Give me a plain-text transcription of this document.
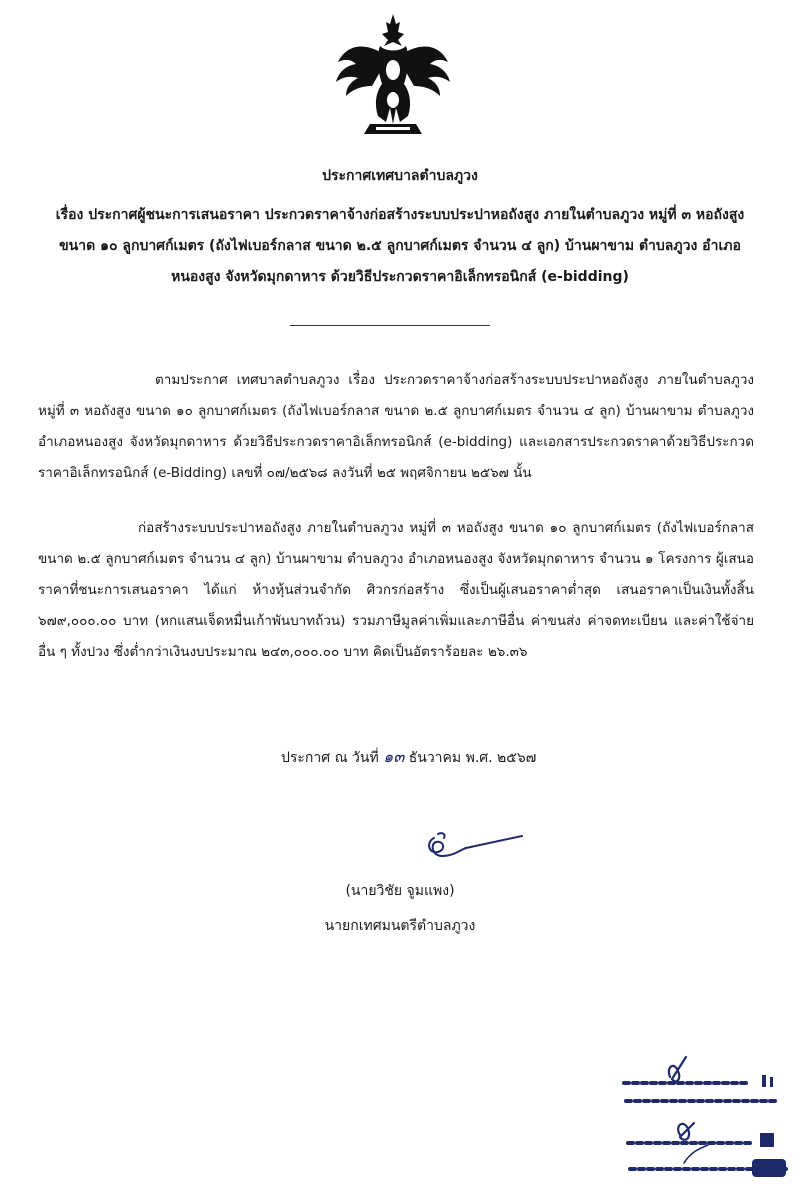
ประกาศเทศบาลตำบลภูวง
เรื่อง ประกาศผู้ชนะการเสนอราคา ประกวดราคาจ้างก่อสร้างระบบประปาหอถังสูง ภายในตำบลภูวง หมู่ที่ ๓ หอถังสูง ขนาด ๑๐ ลูกบาศก์เมตร (ถังไฟเบอร์กลาส ขนาด ๒.๕ ลูกบาศก์เมตร จำนวน ๔ ลูก) บ้านผาขาม ตำบลภูวง อำเภอหนองสูง จังหวัดมุกดาหาร ด้วยวิธีประกวดราคาอิเล็กทรอนิกส์ (e-bidding)
ตามประกาศ เทศบาลตำบลภูวง เรื่อง ประกวดราคาจ้างก่อสร้างระบบประปาหอถังสูง ภายในตำบลภูวง หมู่ที่ ๓ หอถังสูง ขนาด ๑๐ ลูกบาศก์เมตร (ถังไฟเบอร์กลาส ขนาด ๒.๕ ลูกบาศก์เมตร จำนวน ๔ ลูก) บ้านผาขาม ตำบลภูวง อำเภอหนองสูง จังหวัดมุกดาหาร ด้วยวิธีประกวดราคาอิเล็กทรอนิกส์ (e-bidding) และเอกสารประกวดราคาด้วยวิธีประกวดราคาอิเล็กทรอนิกส์ (e-Bidding) เลขที่ ๐๗/๒๕๖๘ ลงวันที่ ๒๕ พฤศจิกายน ๒๕๖๗ นั้น
ก่อสร้างระบบประปาหอถังสูง ภายในตำบลภูวง หมู่ที่ ๓ หอถังสูง ขนาด ๑๐ ลูกบาศก์เมตร (ถังไฟเบอร์กลาส ขนาด ๒.๕ ลูกบาศก์เมตร จำนวน ๔ ลูก) บ้านผาขาม ตำบลภูวง อำเภอหนองสูง จังหวัดมุกดาหาร จำนวน ๑ โครงการ ผู้เสนอราคาที่ชนะการเสนอราคา ได้แก่ ห้างหุ้นส่วนจำกัด ศิวกรก่อสร้าง ซึ่งเป็นผู้เสนอราคาต่ำสุด เสนอราคาเป็นเงินทั้งสิ้น ๖๗๙,๐๐๐.๐๐ บาท (หกแสนเจ็ดหมื่นเก้าพันบาทถ้วน) รวมภาษีมูลค่าเพิ่มและภาษีอื่น ค่าขนส่ง ค่าจดทะเบียน และค่าใช้จ่ายอื่น ๆ ทั้งปวง ซึ่งต่ำกว่าเงินงบประมาณ ๒๔๓,๐๐๐.๐๐ บาท คิดเป็นอัตราร้อยละ ๒๖.๓๖
ประกาศ ณ วันที่ ๑๓ ธันวาคม พ.ศ. ๒๕๖๗
(นายวิชัย จูมแพง)
นายกเทศมนตรีตำบลภูวง
